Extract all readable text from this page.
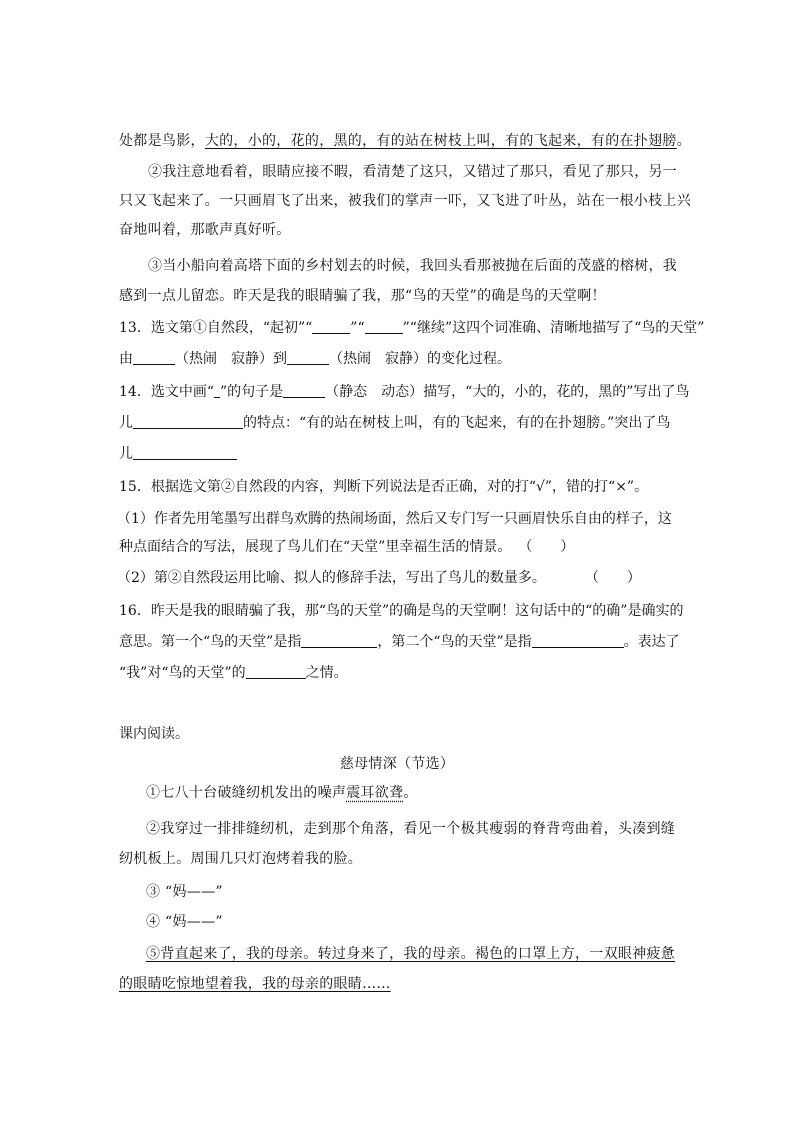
处都是鸟影，大的，小的，花的，黑的，有的站在树枝上叫，有的飞起来，有的在扑翅膀。
②我注意地看着，眼睛应接不暇，看清楚了这只，又错过了那只，看见了那只，另一
只又飞起来了。一只画眉飞了出来，被我们的掌声一吓，又飞进了叶丛，站在一根小枝上兴
奋地叫着，那歌声真好听。
③当小船向着高塔下面的乡村划去的时候，我回头看那被抛在后面的茂盛的榕树，我
感到一点儿留恋。昨天是我的眼睛骗了我，那“鸟的天堂”的确是鸟的天堂啊！
13．选文第①自然段，“起初”“	”“	”“继续”这四个词准确、清晰地描写了“鸟的天堂”
由	（热闹　寂静）到	（热闹　寂静）的变化过程。
14．选文中画“ ”的句子是	（静态　动态）描写，“大的，小的，花的，黑的”写出了鸟
儿	的特点：“有的站在树枝上叫，有的飞起来，有的在扑翅膀。”突出了鸟
儿
15．根据选文第②自然段的内容，判断下列说法是否正确，对的打“√”，错的打“×”。
（1）作者先用笔墨写出群鸟欢腾的热闹场面，然后又专门写一只画眉快乐自由的样子，这
种点面结合的写法，展现了鸟儿们在“天堂”里幸福生活的情景。 （　　）
（2）第②自然段运用比喻、拟人的修辞手法，写出了鸟儿的数量多。	（　　）
16．昨天是我的眼睛骗了我，那“鸟的天堂”的确是鸟的天堂啊！这句话中的“的确”是确实的
意思。第一个“鸟的天堂”是指	，第二个“鸟的天堂”是指	。表达了
“我”对“鸟的天堂”的	之情。
课内阅读。
慈母情深（节选）
①七八十台破缝纫机发出的噪声震耳欲聋。
②我穿过一排排缝纫机，走到那个角落，看见一个极其瘦弱的脊背弯曲着，头凑到缝
纫机板上。周围几只灯泡烤着我的脸。
③ “妈——”
④ “妈——”
⑤背直起来了，我的母亲。转过身来了，我的母亲。褐色的口罩上方，一双眼神疲惫
的眼睛吃惊地望着我，我的母亲的眼睛……
